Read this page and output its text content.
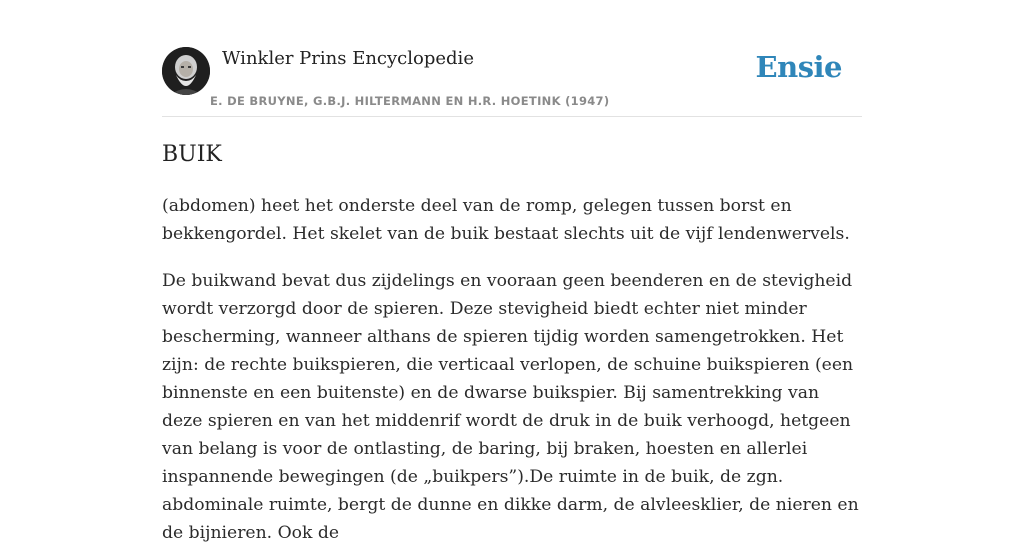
Winkler Prins Encyclopedie
E. DE BRUYNE, G.B.J. HILTERMANN EN H.R. HOETINK (1947)
Ensie
BUIK

(abdomen) heet het onderste deel van de romp, gelegen tussen borst en bekkengordel. Het skelet van de buik bestaat slechts uit de vijf lendenwervels.

De buikwand bevat dus zijdelings en vooraan geen beenderen en de stevigheid wordt verzorgd door de spieren. Deze stevigheid biedt echter niet minder bescherming, wanneer althans de spieren tijdig worden samengetrokken. Het zijn: de rechte buikspieren, die verticaal verlopen, de schuine buikspieren (een binnenste en een buitenste) en de dwarse buikspier. Bij samentrekking van deze spieren en van het middenrif wordt de druk in de buik verhoogd, hetgeen van belang is voor de ontlasting, de baring, bij braken, hoesten en allerlei inspannende bewegingen (de „buikpers”).De ruimte in de buik, de zgn. abdominale ruimte, bergt de dunne en dikke darm, de alvleesklier, de nieren en de bijnieren. Ook de
